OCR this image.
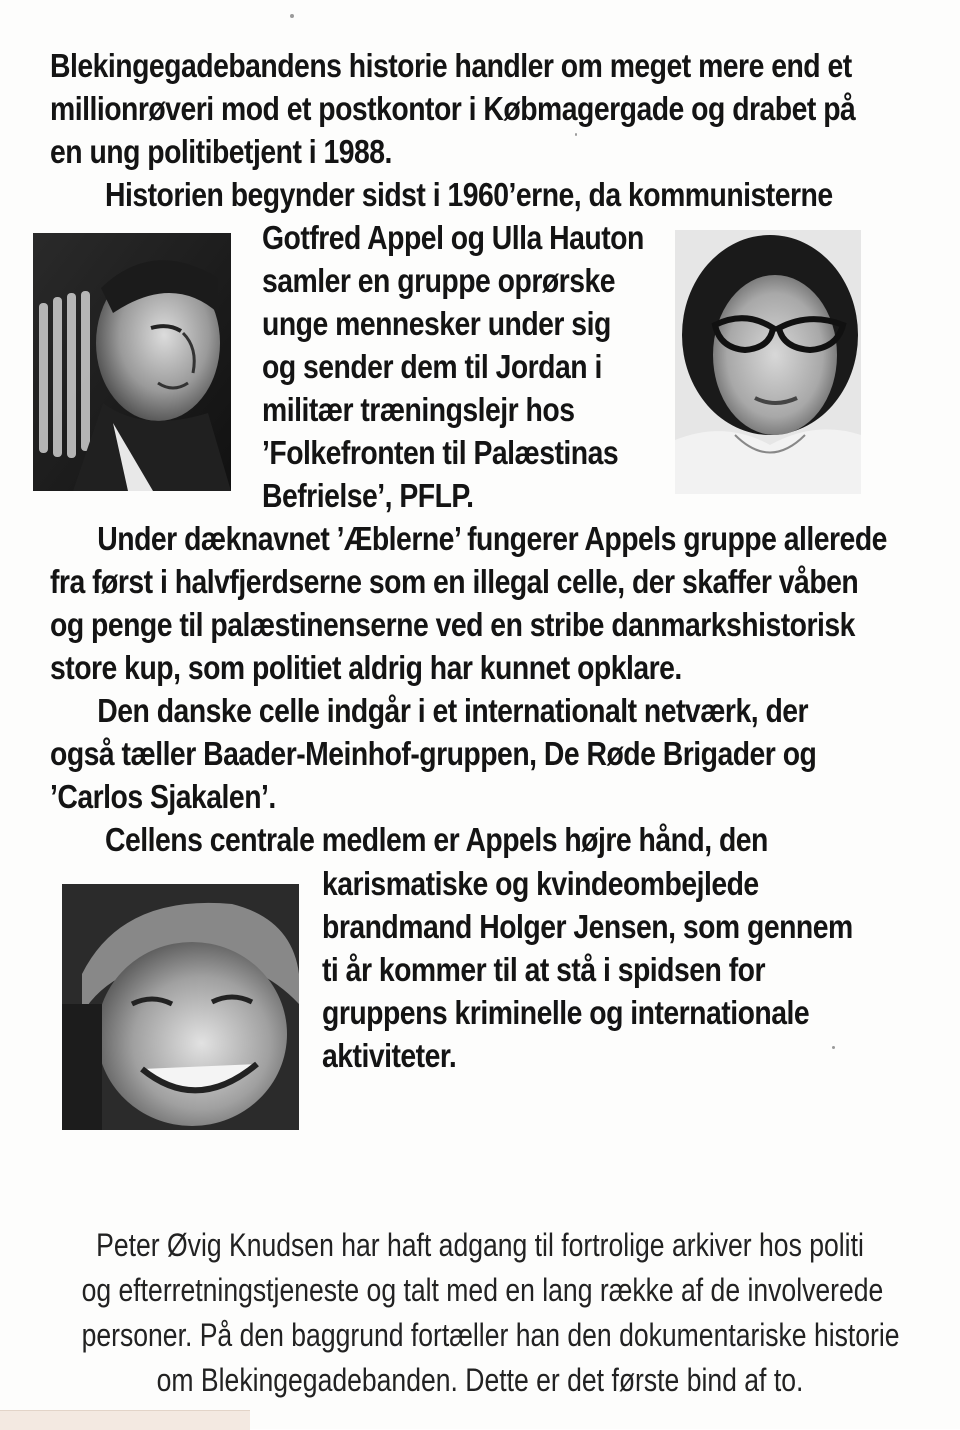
Blekingegadebandens historie handler om meget mere end et
millionrøveri mod et postkontor i Købmagergade og drabet på
en ung politibetjent i 1988.
Historien begynder sidst i 1960’erne, da kommunisterne
Gotfred Appel og Ulla Hauton
samler en gruppe oprørske
unge mennesker under sig
og sender dem til Jordan i
militær træningslejr hos
’Folkefronten til Palæstinas
Befrielse’, PFLP.
Under dæknavnet ’Æblerne’ fungerer Appels gruppe allerede
fra først i halvfjerdserne som en illegal celle, der skaffer våben
og penge til palæstinenserne ved en stribe danmarkshistorisk
store kup, som politiet aldrig har kunnet opklare.
Den danske celle indgår i et internationalt netværk, der
også tæller Baader-Meinhof-gruppen, De Røde Brigader og
’Carlos Sjakalen’.
Cellens centrale medlem er Appels højre hånd, den
karismatiske og kvindeombejlede
brandmand Holger Jensen, som gennem
ti år kommer til at stå i spidsen for
gruppens kriminelle og internationale
aktiviteter.
Peter Øvig Knudsen har haft adgang til fortrolige arkiver hos politi
og efterretningstjeneste og talt med en lang række af de involverede
personer. På den baggrund fortæller han den dokumentariske historie
om Blekingegadebanden. Dette er det første bind af to.
